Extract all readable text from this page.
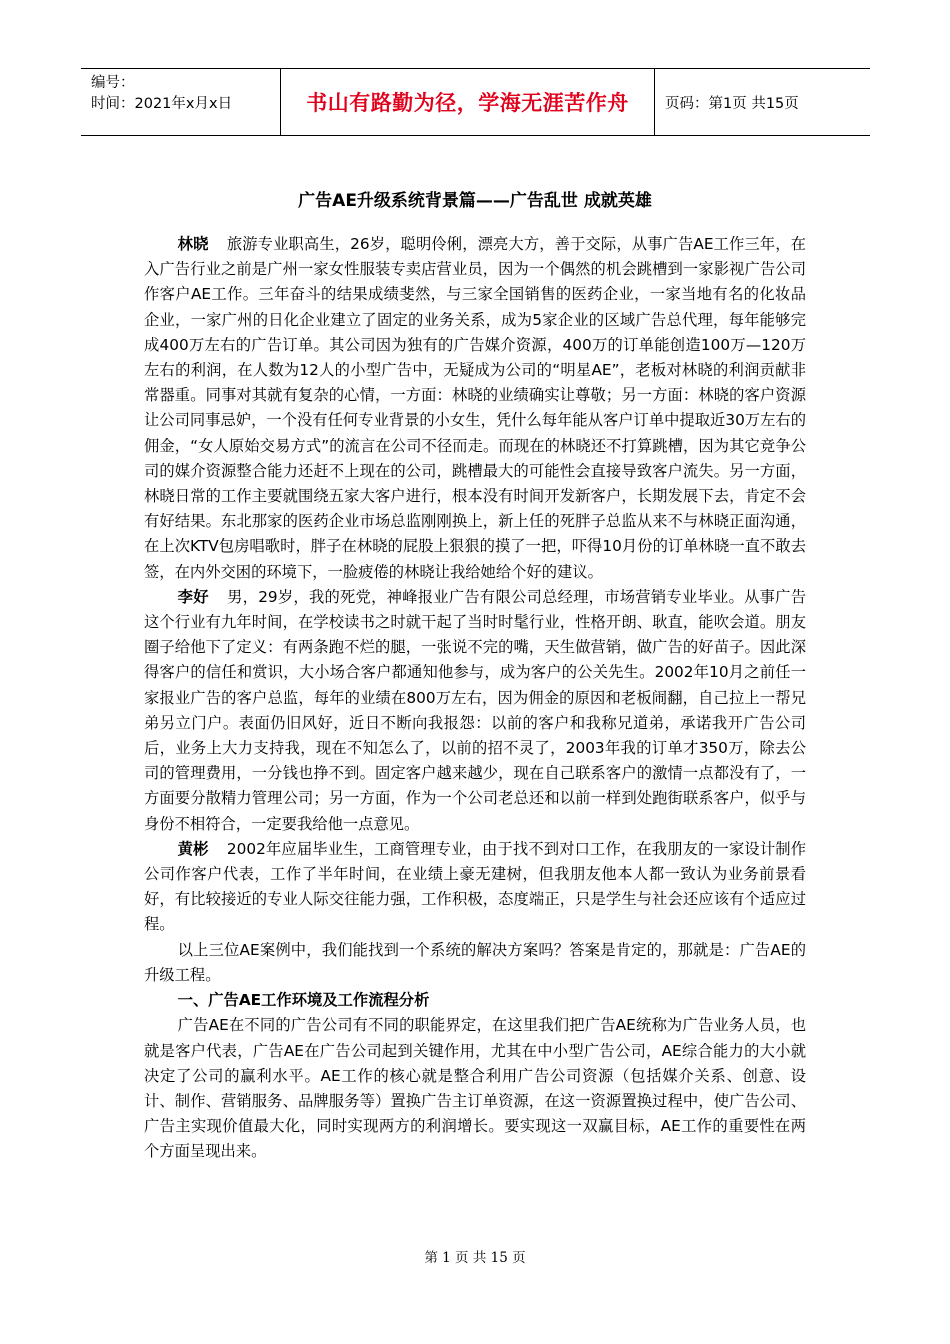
编号：
时间：2021年x月x日	书山有路勤为径，学海无涯苦作舟	页码：第1页 共15页
广告AE升级系统背景篇——广告乱世 成就英雄

林晓 旅游专业职高生，26岁，聪明伶俐，漂亮大方，善于交际，从事广告AE工作三年，在入广告行业之前是广州一家女性服装专卖店营业员，因为一个偶然的机会跳槽到一家影视广告公司作客户AE工作。三年奋斗的结果成绩斐然，与三家全国销售的医药企业，一家当地有名的化妆品企业，一家广州的日化企业建立了固定的业务关系，成为5家企业的区域广告总代理，每年能够完成400万左右的广告订单。其公司因为独有的广告媒介资源，400万的订单能创造100万—120万左右的利润，在人数为12人的小型广告中，无疑成为公司的“明星AE”，老板对林晓的利润贡献非常器重。同事对其就有复杂的心情，一方面：林晓的业绩确实让尊敬；另一方面：林晓的客户资源让公司同事忌妒，一个没有任何专业背景的小女生，凭什么每年能从客户订单中提取近30万左右的佣金，“女人原始交易方式”的流言在公司不径而走。而现在的林晓还不打算跳槽，因为其它竞争公司的媒介资源整合能力还赶不上现在的公司，跳槽最大的可能性会直接导致客户流失。另一方面，林晓日常的工作主要就围绕五家大客户进行，根本没有时间开发新客户，长期发展下去，肯定不会有好结果。东北那家的医药企业市场总监刚刚换上，新上任的死胖子总监从来不与林晓正面沟通，在上次KTV包房唱歌时，胖子在林晓的屁股上狠狠的摸了一把，吓得10月份的订单林晓一直不敢去签，在内外交困的环境下，一脸疲倦的林晓让我给她给个好的建议。

李好 男，29岁，我的死党，神峰报业广告有限公司总经理，市场营销专业毕业。从事广告这个行业有九年时间，在学校读书之时就干起了当时时髦行业，性格开朗、耿直，能吹会道。朋友圈子给他下了定义：有两条跑不烂的腿，一张说不完的嘴，天生做营销，做广告的好苗子。因此深得客户的信任和赏识，大小场合客户都通知他参与，成为客户的公关先生。2002年10月之前任一家报业广告的客户总监，每年的业绩在800万左右，因为佣金的原因和老板闹翻，自己拉上一帮兄弟另立门户。表面仍旧风好，近日不断向我报怨：以前的客户和我称兄道弟，承诺我开广告公司后，业务上大力支持我，现在不知怎么了，以前的招不灵了，2003年我的订单才350万，除去公司的管理费用，一分钱也挣不到。固定客户越来越少，现在自己联系客户的激情一点都没有了，一方面要分散精力管理公司；另一方面，作为一个公司老总还和以前一样到处跑街联系客户，似乎与身份不相符合，一定要我给他一点意见。

黄彬 2002年应届毕业生，工商管理专业，由于找不到对口工作，在我朋友的一家设计制作公司作客户代表，工作了半年时间，在业绩上豪无建树，但我朋友他本人都一致认为业务前景看好，有比较接近的专业人际交往能力强，工作积极，态度端正，只是学生与社会还应该有个适应过程。

以上三位AE案例中，我们能找到一个系统的解决方案吗？答案是肯定的，那就是：广告AE的升级工程。

一、广告AE工作环境及工作流程分析

广告AE在不同的广告公司有不同的职能界定，在这里我们把广告AE统称为广告业务人员，也就是客户代表，广告AE在广告公司起到关键作用，尤其在中小型广告公司，AE综合能力的大小就决定了公司的赢利水平。AE工作的核心就是整合利用广告公司资源（包括媒介关系、创意、设计、制作、营销服务、品牌服务等）置换广告主订单资源，在这一资源置换过程中，使广告公司、广告主实现价值最大化，同时实现两方的利润增长。要实现这一双赢目标，AE工作的重要性在两个方面呈现出来。

第 1 页 共 15 页
